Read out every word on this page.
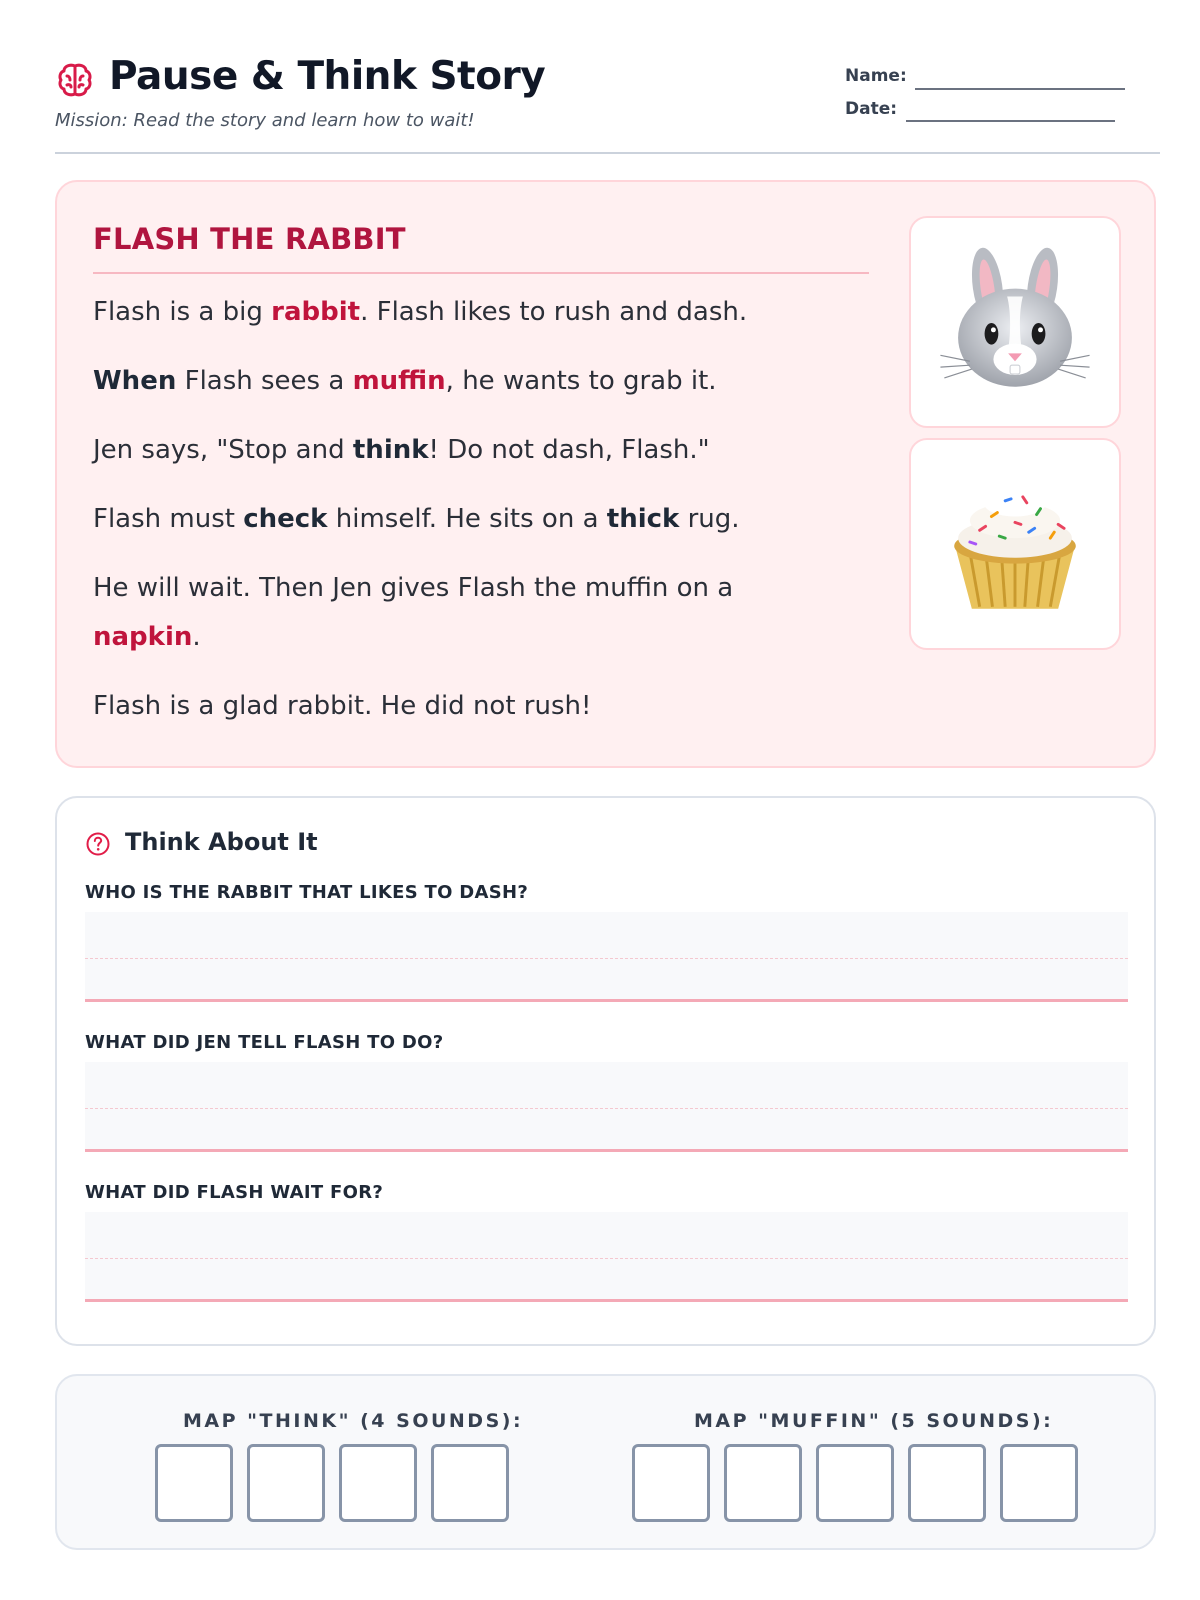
Pause & Think Story
Mission: Read the story and learn how to wait!
Name:
Date:
FLASH THE RABBIT

Flash is a big rabbit. Flash likes to rush and dash.

When Flash sees a muffin, he wants to grab it.

Jen says, "Stop and think! Do not dash, Flash."

Flash must check himself. He sits on a thick rug.

He will wait. Then Jen gives Flash the muffin on a napkin.

Flash is a glad rabbit. He did not rush!

Think About It
WHO IS THE RABBIT THAT LIKES TO DASH?
WHAT DID JEN TELL FLASH TO DO?
WHAT DID FLASH WAIT FOR?
MAP "THINK" (4 SOUNDS):	MAP "MUFFIN" (5 SOUNDS):
